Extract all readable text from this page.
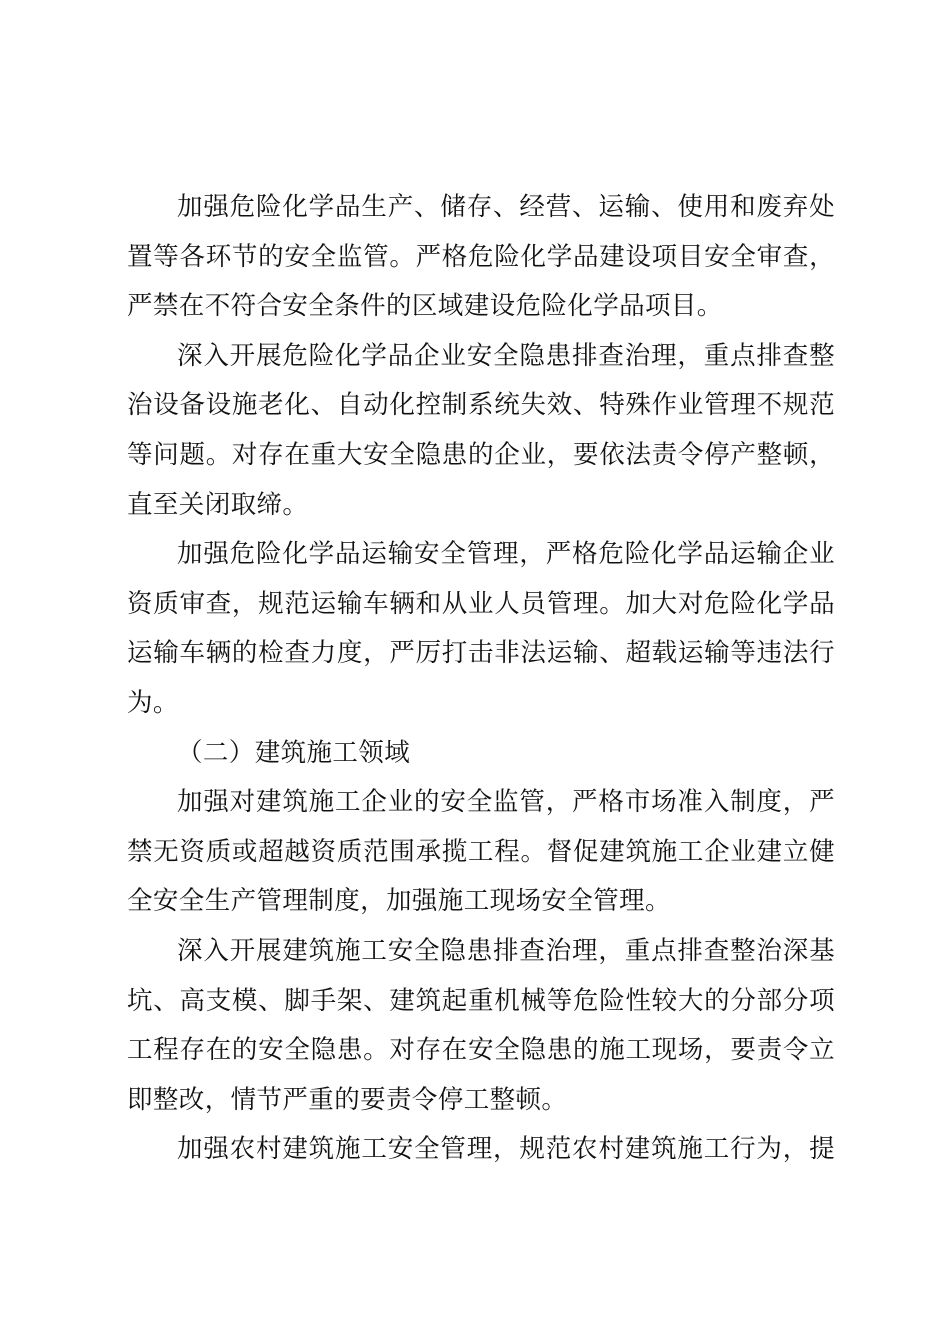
加强危险化学品生产、储存、经营、运输、使用和废弃处
置等各环节的安全监管。严格危险化学品建设项目安全审查，
严禁在不符合安全条件的区域建设危险化学品项目。
深入开展危险化学品企业安全隐患排查治理，重点排查整
治设备设施老化、自动化控制系统失效、特殊作业管理不规范
等问题。对存在重大安全隐患的企业，要依法责令停产整顿，
直至关闭取缔。
加强危险化学品运输安全管理，严格危险化学品运输企业
资质审查，规范运输车辆和从业人员管理。加大对危险化学品
运输车辆的检查力度，严厉打击非法运输、超载运输等违法行
为。
（二）建筑施工领域
加强对建筑施工企业的安全监管，严格市场准入制度，严
禁无资质或超越资质范围承揽工程。督促建筑施工企业建立健
全安全生产管理制度，加强施工现场安全管理。
深入开展建筑施工安全隐患排查治理，重点排查整治深基
坑、高支模、脚手架、建筑起重机械等危险性较大的分部分项
工程存在的安全隐患。对存在安全隐患的施工现场，要责令立
即整改，情节严重的要责令停工整顿。
加强农村建筑施工安全管理，规范农村建筑施工行为，提
